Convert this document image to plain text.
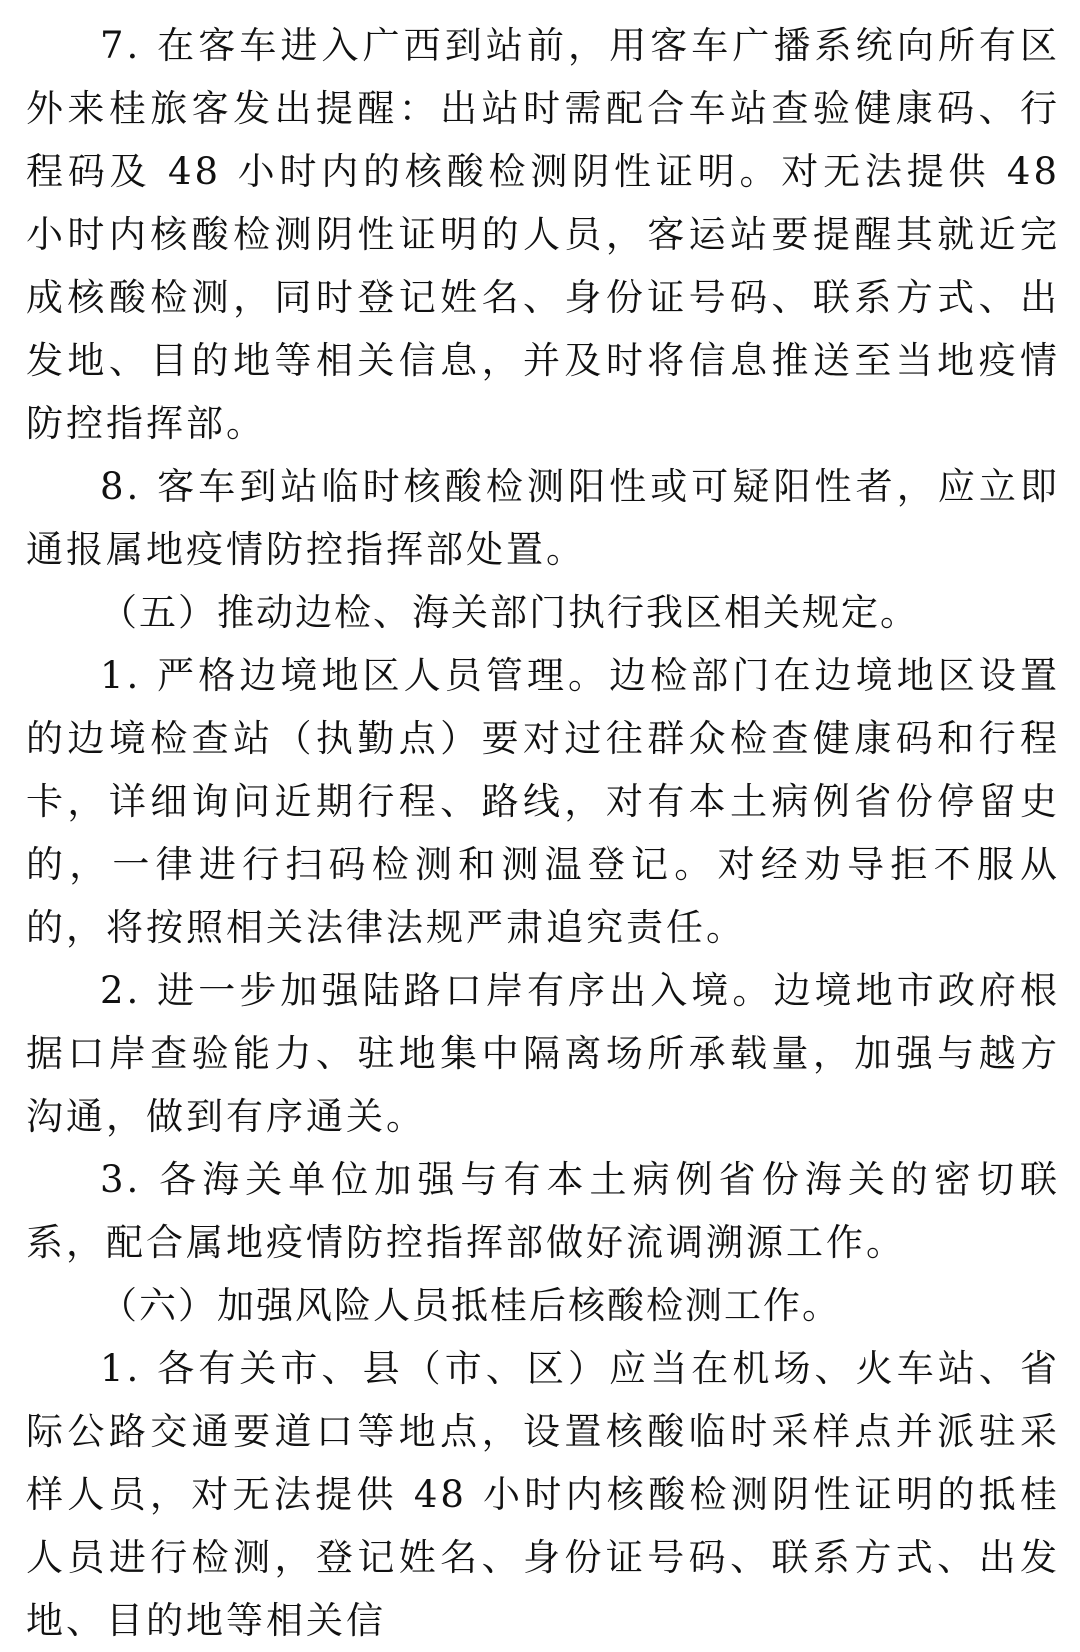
7. 在客车进入广西到站前，用客车广播系统向所有区外来桂旅客发出提醒：出站时需配合车站查验健康码、行程码及 48 小时内的核酸检测阴性证明。对无法提供 48 小时内核酸检测阴性证明的人员，客运站要提醒其就近完成核酸检测，同时登记姓名、身份证号码、联系方式、出发地、目的地等相关信息，并及时将信息推送至当地疫情防控指挥部。

8. 客车到站临时核酸检测阳性或可疑阳性者，应立即通报属地疫情防控指挥部处置。

（五）推动边检、海关部门执行我区相关规定。

1. 严格边境地区人员管理。边检部门在边境地区设置的边境检查站（执勤点）要对过往群众检查健康码和行程卡，详细询问近期行程、路线，对有本土病例省份停留史的，一律进行扫码检测和测温登记。对经劝导拒不服从的，将按照相关法律法规严肃追究责任。

2. 进一步加强陆路口岸有序出入境。边境地市政府根据口岸查验能力、驻地集中隔离场所承载量，加强与越方沟通，做到有序通关。

3. 各海关单位加强与有本土病例省份海关的密切联系，配合属地疫情防控指挥部做好流调溯源工作。

（六）加强风险人员抵桂后核酸检测工作。

1. 各有关市、县（市、区）应当在机场、火车站、省际公路交通要道口等地点，设置核酸临时采样点并派驻采样人员，对无法提供 48 小时内核酸检测阴性证明的抵桂人员进行检测，登记姓名、身份证号码、联系方式、出发地、目的地等相关信
